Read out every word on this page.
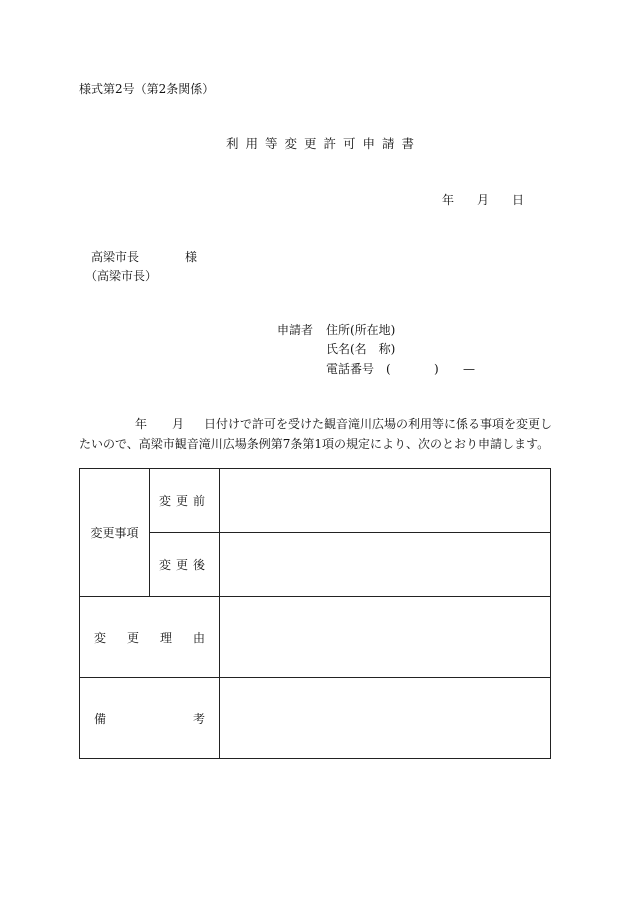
様式第2号（第2条関係）
利用等変更許可申請書
年 月 日
高梁市長	様
（高梁市長）
申請者 住所(所在地)
氏名(名　称)
電話番号 (	) —
年 月 日付けで許可を受けた観音滝川広場の利用等に係る事項を変更し
たいので、高梁市観音滝川広場条例第7条第1項の規定により、次のとおり申請します。
変更事項	変更前	
	変更後	

変 更 理 由		

備 考		
